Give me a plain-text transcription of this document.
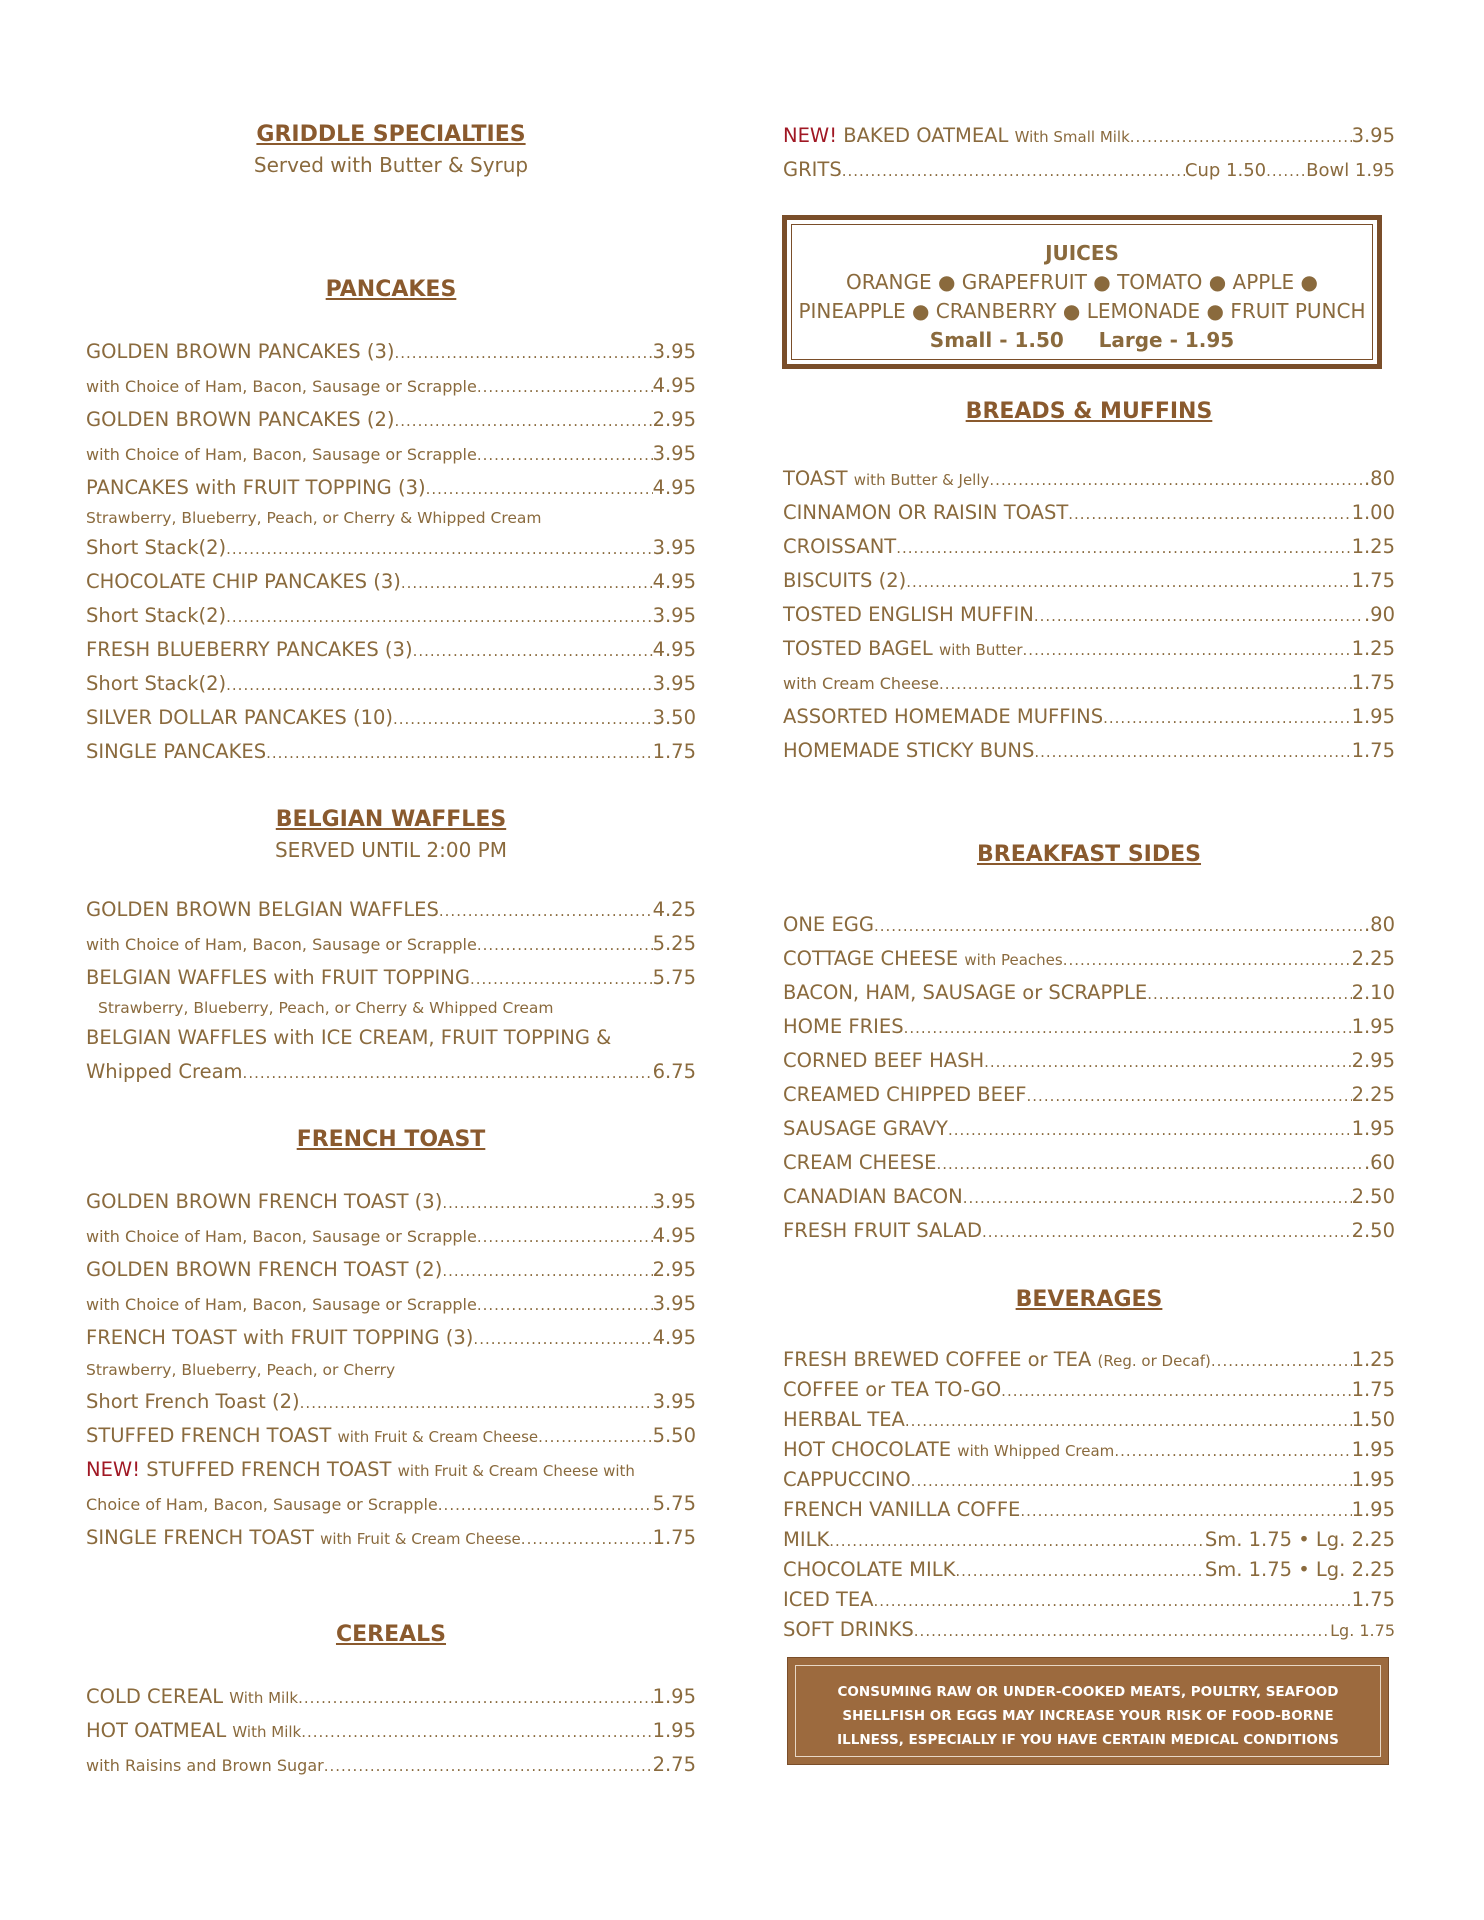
GRIDDLE SPECIALTIES
Served with Butter & Syrup
PANCAKES
GOLDEN BROWN PANCAKES (3) .....	3.95
with Choice of Ham, Bacon, Sausage or Scrapple .....	4.95
GOLDEN BROWN PANCAKES (2) .....	2.95
with Choice of Ham, Bacon, Sausage or Scrapple .....	3.95
PANCAKES with FRUIT TOPPING (3) .....	4.95
Strawberry, Blueberry, Peach, or Cherry & Whipped Cream
Short Stack(2) .....	3.95
CHOCOLATE CHIP PANCAKES (3) .....	4.95
Short Stack(2) .....	3.95
FRESH BLUEBERRY PANCAKES (3) .....	4.95
Short Stack(2) .....	3.95
SILVER DOLLAR PANCAKES (10) .....	3.50
SINGLE PANCAKES .....	1.75
BELGIAN WAFFLES
SERVED UNTIL 2:00 PM
GOLDEN BROWN BELGIAN WAFFLES .....	4.25
with Choice of Ham, Bacon, Sausage or Scrapple .....	5.25
BELGIAN WAFFLES with FRUIT TOPPING .....	5.75
Strawberry, Blueberry, Peach, or Cherry & Whipped Cream
BELGIAN WAFFLES with ICE CREAM, FRUIT TOPPING &
Whipped Cream .....	6.75
FRENCH TOAST
GOLDEN BROWN FRENCH TOAST (3) .....	3.95
with Choice of Ham, Bacon, Sausage or Scrapple .....	4.95
GOLDEN BROWN FRENCH TOAST (2) .....	2.95
with Choice of Ham, Bacon, Sausage or Scrapple .....	3.95
FRENCH TOAST with FRUIT TOPPING (3) .....	4.95
Strawberry, Blueberry, Peach, or Cherry
Short French Toast (2) .....	3.95
STUFFED FRENCH TOAST
with Fruit & Cream Cheese .....	5.50
NEW!
STUFFED FRENCH TOAST
with Fruit & Cream Cheese with
Choice of Ham, Bacon, Sausage or Scrapple .....	5.75
SINGLE FRENCH TOAST
with Fruit & Cream Cheese .....	1.75
CEREALS
COLD CEREAL
With Milk .....	1.95
HOT OATMEAL
With Milk .....	1.95
with Raisins and Brown Sugar .....	2.75
NEW!
BAKED OATMEAL
With Small Milk .....	3.95
GRITS .....	Cup 1.50 ..... Bowl 1.95
BREADS & MUFFINS
TOAST
with Butter & Jelly .....	.80
CINNAMON OR RAISIN TOAST .....	1.00
CROISSANT .....	1.25
BISCUITS (2) .....	1.75
TOSTED ENGLISH MUFFIN .....	.90
TOSTED BAGEL
with Butter .....	1.25
with Cream Cheese .....	1.75
ASSORTED HOMEMADE MUFFINS .....	1.95
HOMEMADE STICKY BUNS .....	1.75
BREAKFAST SIDES
ONE EGG .....	.80
COTTAGE CHEESE
with Peaches .....	2.25
BACON, HAM, SAUSAGE or SCRAPPLE .....	2.10
HOME FRIES .....	1.95
CORNED BEEF HASH .....	2.95
CREAMED CHIPPED BEEF .....	2.25
SAUSAGE GRAVY .....	1.95
CREAM CHEESE .....	.60
CANADIAN BACON .....	2.50
FRESH FRUIT SALAD .....	2.50
BEVERAGES
FRESH BREWED COFFEE or TEA
(Reg. or Decaf) .....	1.25
COFFEE or TEA TO-GO .....	1.75
HERBAL TEA .....	1.50
HOT CHOCOLATE
with Whipped Cream .....	1.95
CAPPUCCINO .....	1.95
FRENCH VANILLA COFFE .....	1.95
MILK .....	Sm. 1.75 • Lg. 2.25
CHOCOLATE MILK .....	Sm. 1.75 • Lg. 2.25
ICED TEA .....	1.75
SOFT DRINKS .....	Lg. 1.75
JUICES
ORANGE ● GRAPEFRUIT ● TOMATO ● APPLE ●
PINEAPPLE ● CRANBERRY ● LEMONADE ● FRUIT PUNCH
Small - 1.50     Large - 1.95
CONSUMING RAW OR UNDER-COOKED MEATS, POULTRY, SEAFOOD
SHELLFISH OR EGGS MAY INCREASE YOUR RISK OF FOOD-BORNE
ILLNESS, ESPECIALLY IF YOU HAVE CERTAIN MEDICAL CONDITIONS
